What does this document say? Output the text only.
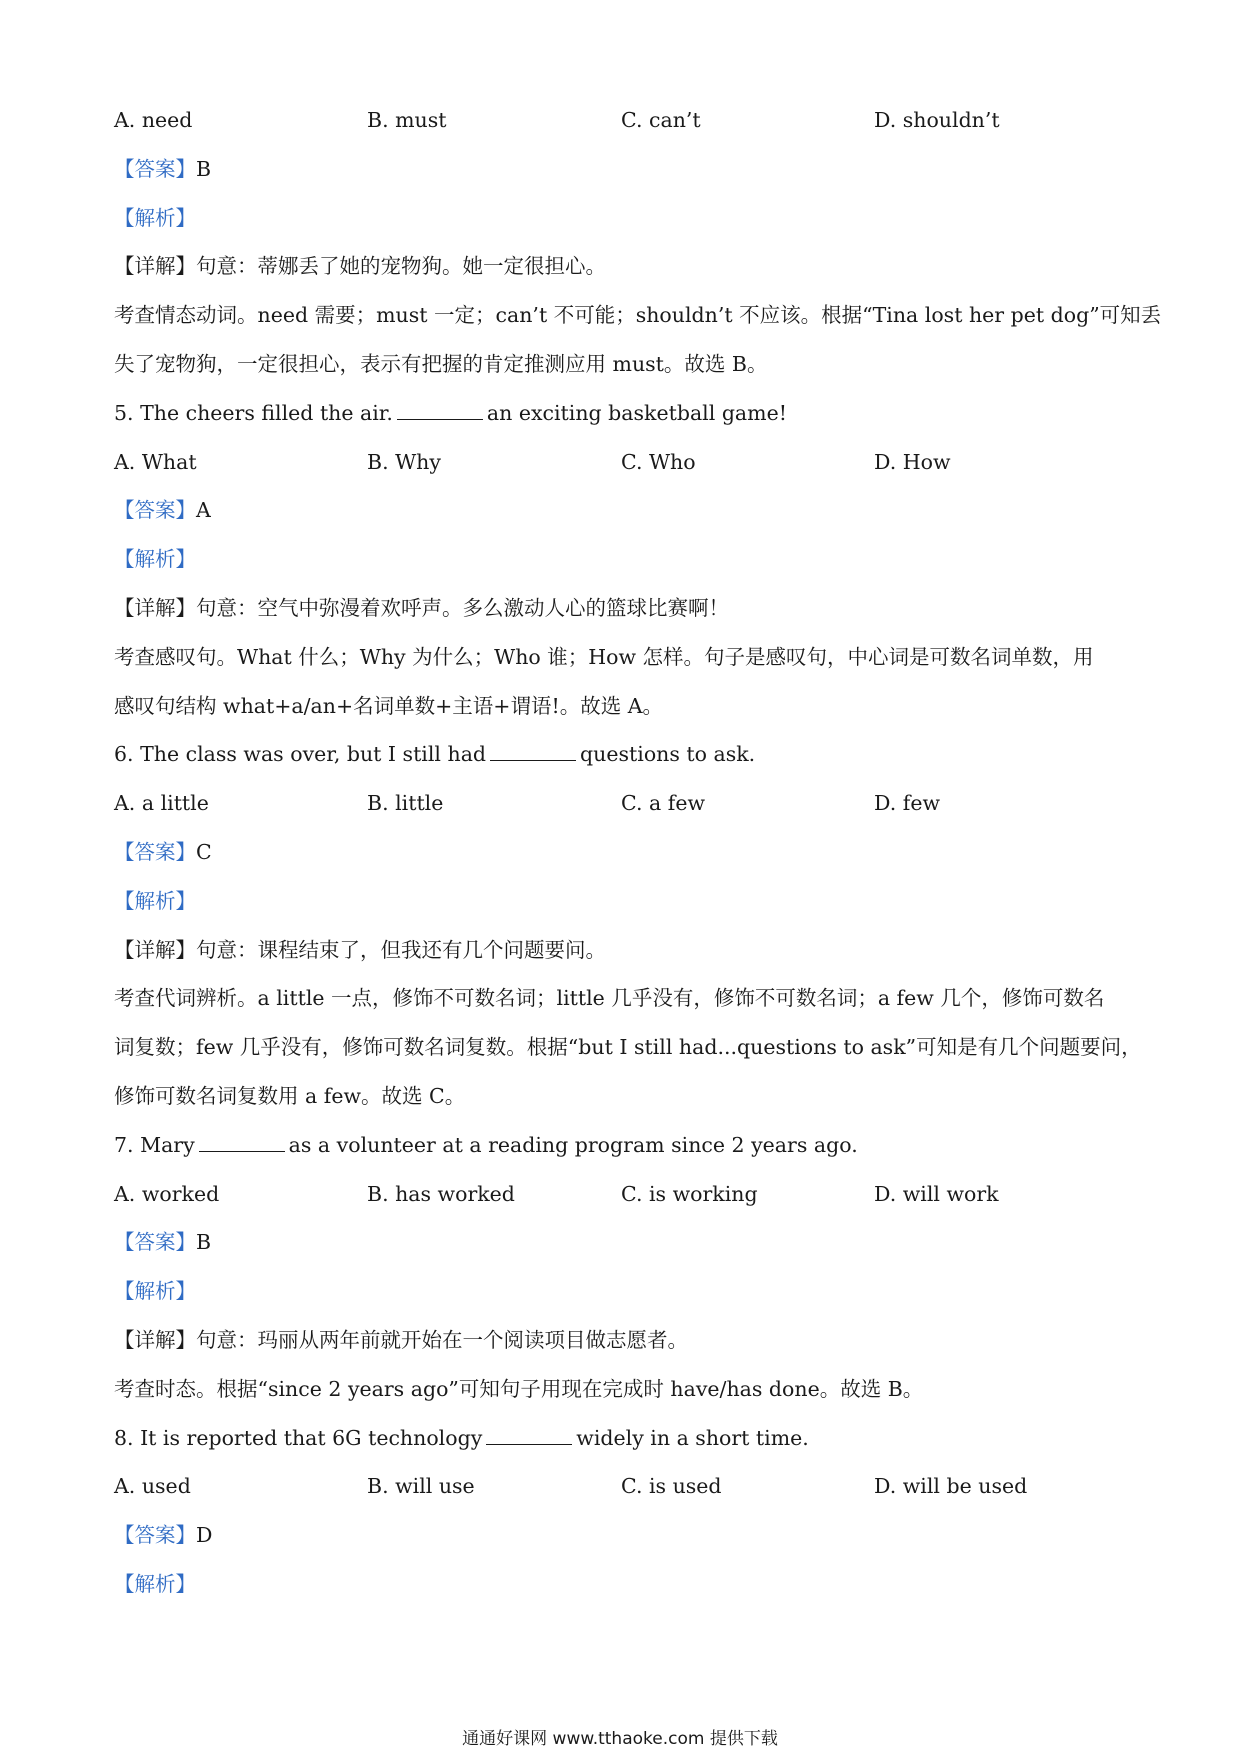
A. need	B. must	C. can’t	D. shouldn’t
【答案】B
【解析】
【详解】句意：蒂娜丢了她的宠物狗。她一定很担心。
考查情态动词。need 需要；must 一定；can’t 不可能；shouldn’t 不应该。根据“Tina lost her pet dog”可知丢
失了宠物狗，一定很担心，表示有把握的肯定推测应用 must。故选 B。
5. The cheers filled the air.	an exciting basketball game!
A. What	B. Why	C. Who	D. How
【答案】A
【解析】
【详解】句意：空气中弥漫着欢呼声。多么激动人心的篮球比赛啊！
考查感叹句。What 什么；Why 为什么；Who 谁；How 怎样。句子是感叹句，中心词是可数名词单数，用
感叹句结构 what+a/an+名词单数+主语+谓语!。故选 A。
6. The class was over, but I still had	questions to ask.
A. a little	B. little	C. a few	D. few
【答案】C
【解析】
【详解】句意：课程结束了，但我还有几个问题要问。
考查代词辨析。a little 一点，修饰不可数名词；little 几乎没有，修饰不可数名词；a few 几个，修饰可数名
词复数；few 几乎没有，修饰可数名词复数。根据“but I still had...questions to ask”可知是有几个问题要问，
修饰可数名词复数用 a few。故选 C。
7. Mary	as a volunteer at a reading program since 2 years ago.
A. worked	B. has worked	C. is working	D. will work
【答案】B
【解析】
【详解】句意：玛丽从两年前就开始在一个阅读项目做志愿者。
考查时态。根据“since 2 years ago”可知句子用现在完成时 have/has done。故选 B。
8. It is reported that 6G technology	widely in a short time.
A. used	B. will use	C. is used	D. will be used
【答案】D
【解析】
通通好课网 www.tthaoke.com 提供下载
